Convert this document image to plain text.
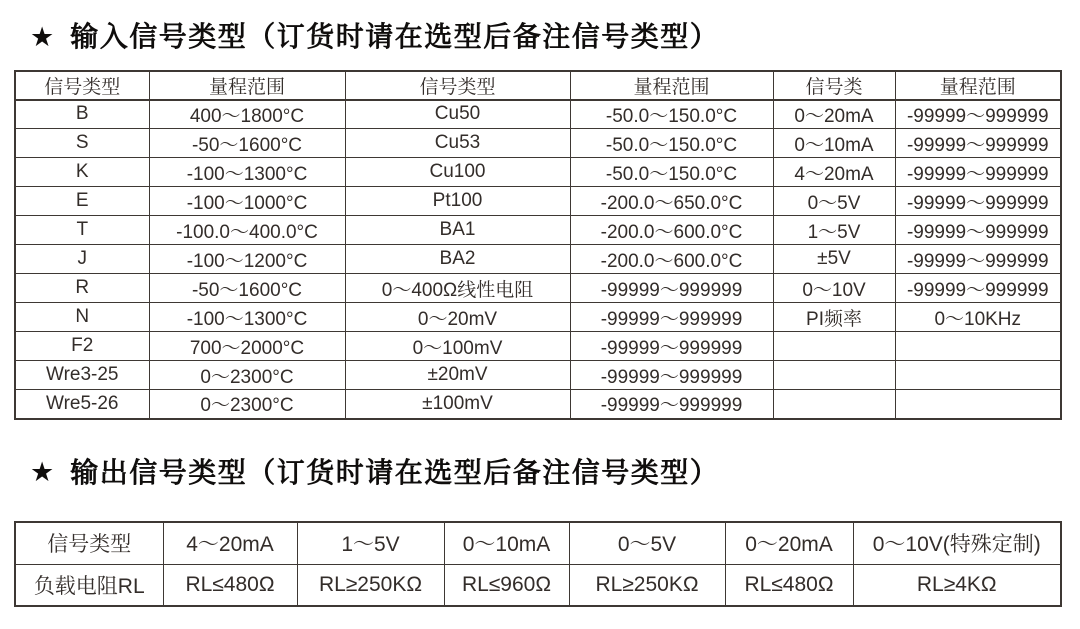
★ 输入信号类型（订货时请在选型后备注信号类型）
信号类型	量程范围	信号类型	量程范围	信号类	量程范围
B	400～1800°C	Cu50	-50.0～150.0°C	0～20mA	-99999～999999
S	-50～1600°C	Cu53	-50.0～150.0°C	0～10mA	-99999～999999
K	-100～1300°C	Cu100	-50.0～150.0°C	4～20mA	-99999～999999
E	-100～1000°C	Pt100	-200.0～650.0°C	0～5V	-99999～999999
T	-100.0～400.0°C	BA1	-200.0～600.0°C	1～5V	-99999～999999
J	-100～1200°C	BA2	-200.0～600.0°C	±5V	-99999～999999
R	-50～1600°C	0～400Ω线性电阻	-99999～999999	0～10V	-99999～999999
N	-100～1300°C	0～20mV	-99999～999999	PI频率	0～10KHz
F2	700～2000°C	0～100mV	-99999～999999		
Wre3-25	0～2300°C	±20mV	-99999～999999		
Wre5-26	0～2300°C	±100mV	-99999～999999		
★ 输出信号类型（订货时请在选型后备注信号类型）
信号类型	4～20mA	1～5V	0～10mA	0～5V	0～20mA	0～10V(特殊定制)
负载电阻RL	RL≤480Ω	RL≥250KΩ	RL≤960Ω	RL≥250KΩ	RL≤480Ω	RL≥4KΩ
